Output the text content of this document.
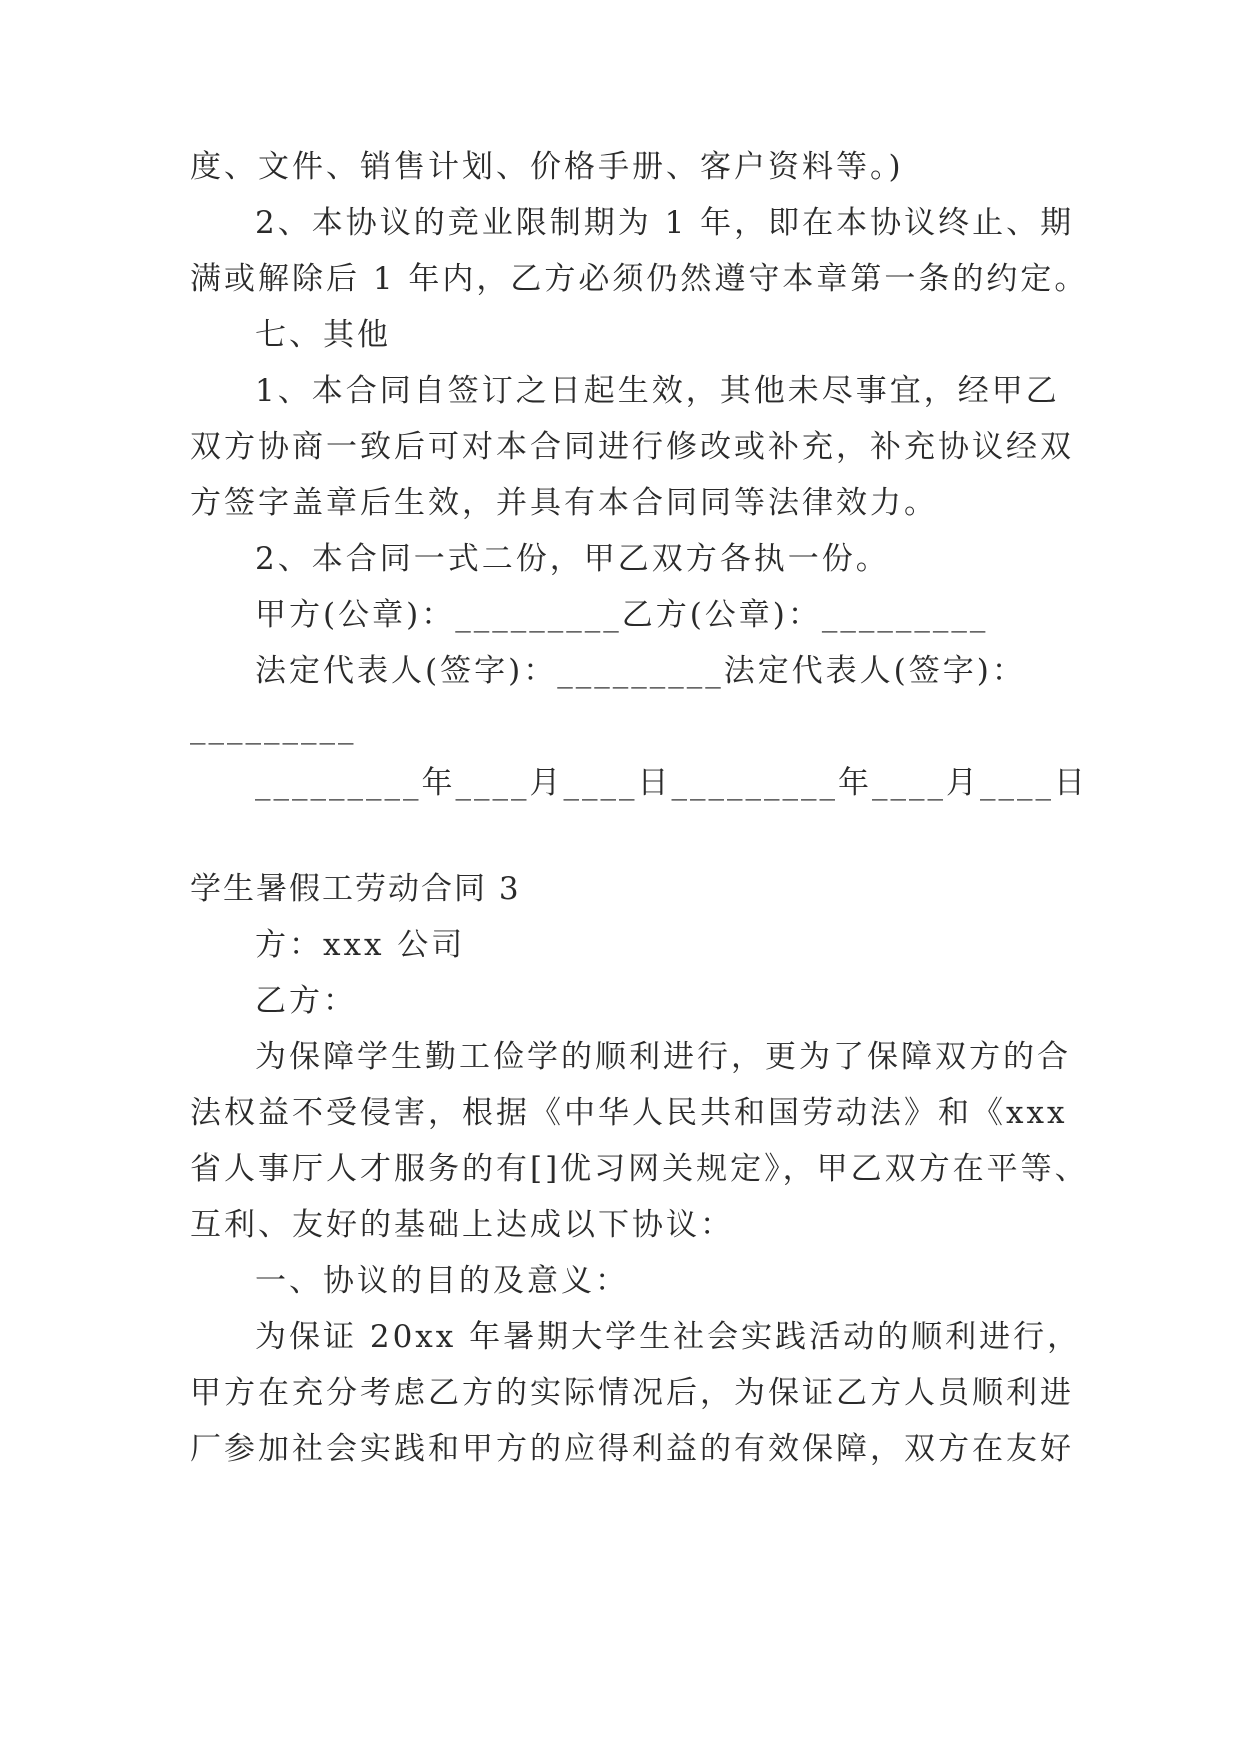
度、文件、销售计划、价格手册、客户资料等。)
2、本协议的竞业限制期为 1 年，即在本协议终止、期
满或解除后 1 年内，乙方必须仍然遵守本章第一条的约定。
七、其他
1、本合同自签订之日起生效，其他未尽事宜，经甲乙
双方协商一致后可对本合同进行修改或补充，补充协议经双
方签字盖章后生效，并具有本合同同等法律效力。
2、本合同一式二份，甲乙双方各执一份。
甲方(公章)：_________乙方(公章)：_________
法定代表人(签字)：_________法定代表人(签字)：
_________
_________年____月____日_________年____月____日
学生暑假工劳动合同 3
方：xxx 公司
乙方：
为保障学生勤工俭学的顺利进行，更为了保障双方的合
法权益不受侵害，根据《中华人民共和国劳动法》和《xxx
省人事厅人才服务的有[]优习网关规定》，甲乙双方在平等、
互利、友好的基础上达成以下协议：
一、协议的目的及意义：
为保证 20xx 年暑期大学生社会实践活动的顺利进行，
甲方在充分考虑乙方的实际情况后，为保证乙方人员顺利进
厂参加社会实践和甲方的应得利益的有效保障，双方在友好
